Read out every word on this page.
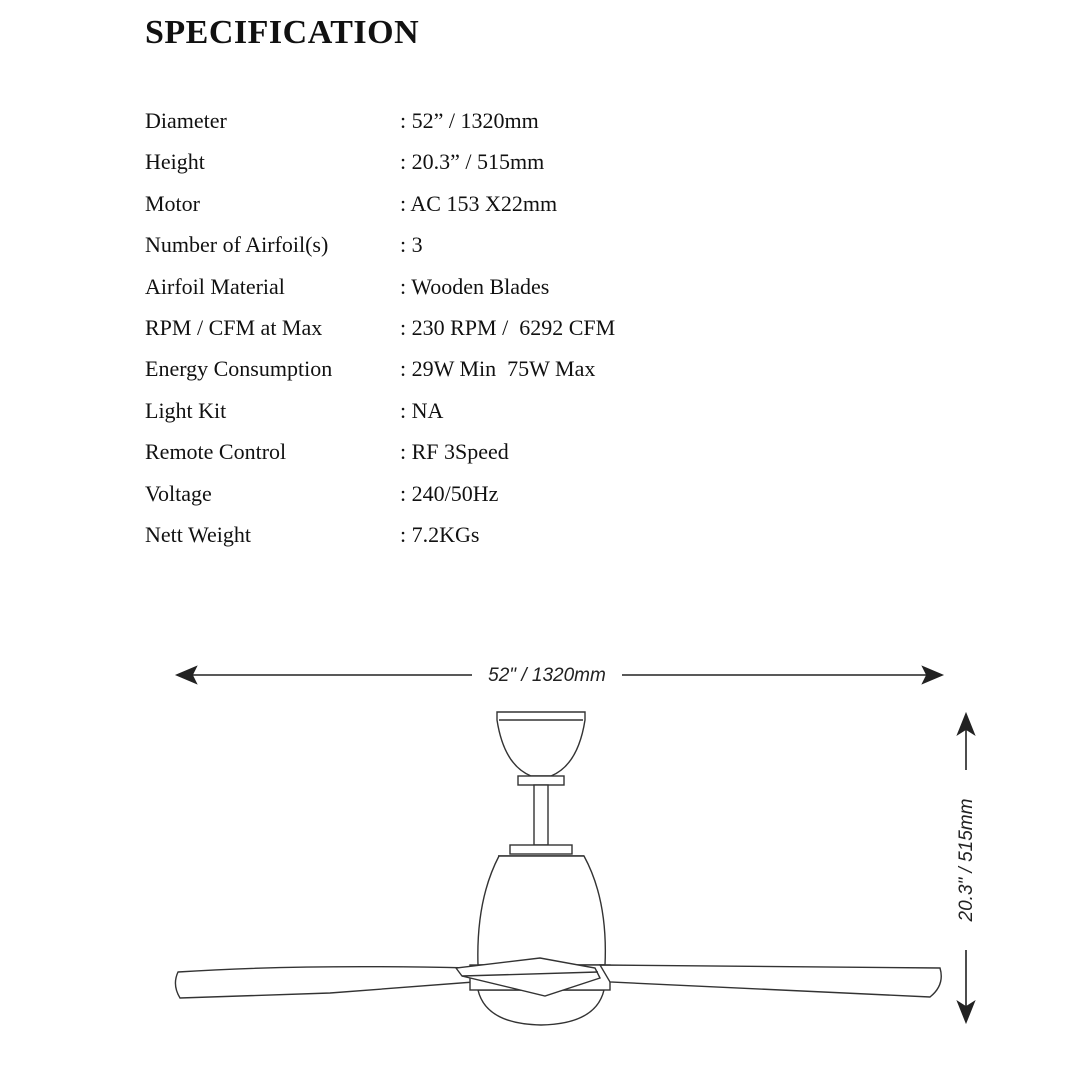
SPECIFICATION
Diameter	: 52” / 1320mm
Height	: 20.3” / 515mm
Motor	: AC 153 X22mm
Number of Airfoil(s)	: 3
Airfoil Material	: Wooden Blades
RPM / CFM at Max	: 230 RPM /  6292 CFM
Energy Consumption	: 29W Min  75W Max
Light Kit	: NA
Remote Control	: RF 3Speed
Voltage	: 240/50Hz
Nett Weight	: 7.2KGs
52" / 1320mm
20.3" / 515mm
